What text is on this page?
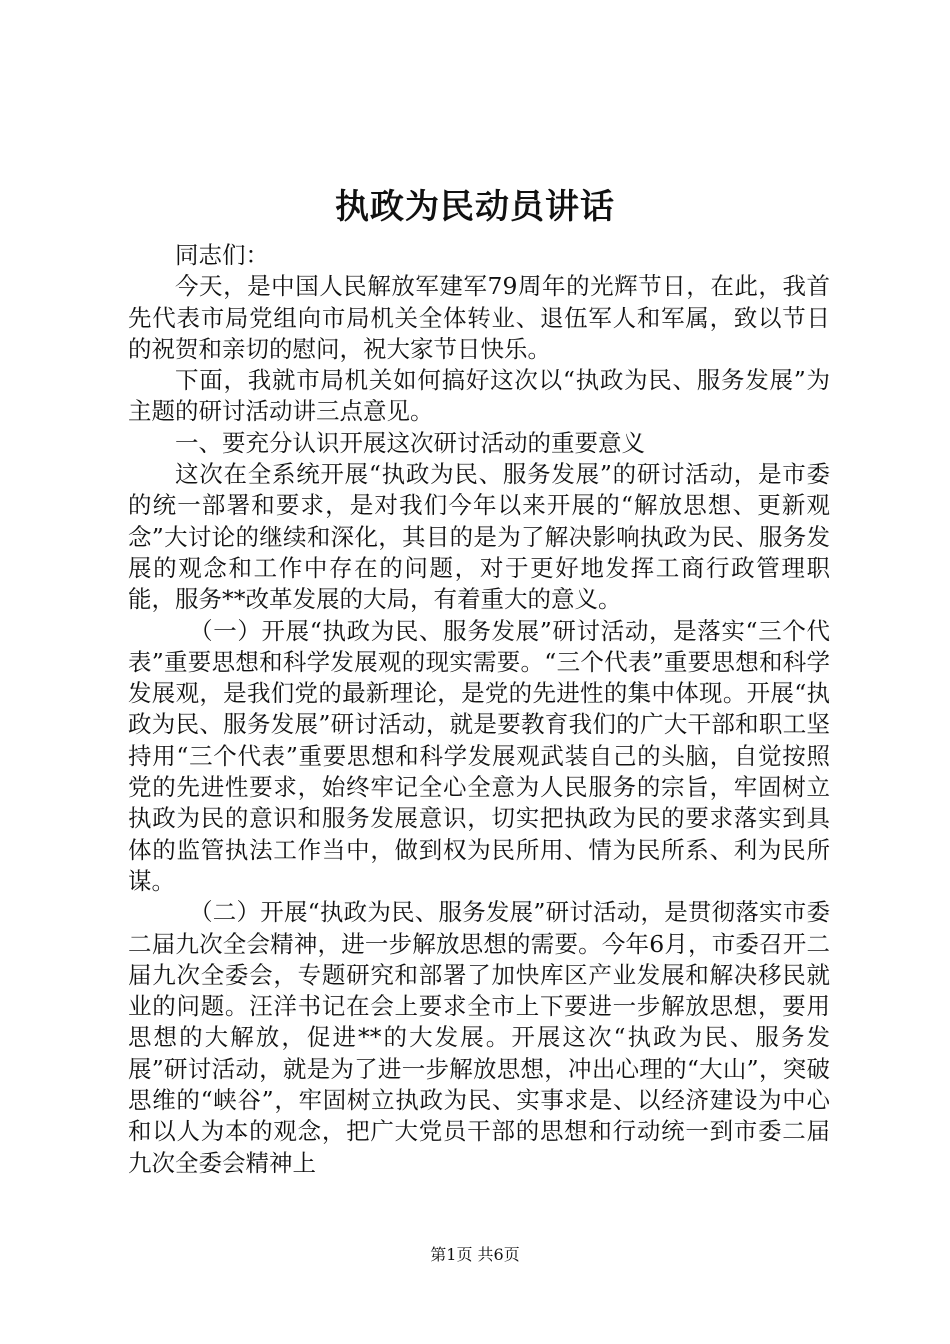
执政为民动员讲话

同志们：

今天，是中国人民解放军建军79周年的光辉节日，在此，我首先代表市局党组向市局机关全体转业、退伍军人和军属，致以节日的祝贺和亲切的慰问，祝大家节日快乐。

下面，我就市局机关如何搞好这次以“执政为民、服务发展”为主题的研讨活动讲三点意见。

一、要充分认识开展这次研讨活动的重要意义

这次在全系统开展“执政为民、服务发展”的研讨活动，是市委的统一部署和要求，是对我们今年以来开展的“解放思想、更新观念”大讨论的继续和深化，其目的是为了解决影响执政为民、服务发展的观念和工作中存在的问题，对于更好地发挥工商行政管理职能，服务**改革发展的大局，有着重大的意义。

（一）开展“执政为民、服务发展”研讨活动，是落实“三个代表”重要思想和科学发展观的现实需要。“三个代表”重要思想和科学发展观，是我们党的最新理论，是党的先进性的集中体现。开展“执政为民、服务发展”研讨活动，就是要教育我们的广大干部和职工坚持用“三个代表”重要思想和科学发展观武装自己的头脑，自觉按照党的先进性要求，始终牢记全心全意为人民服务的宗旨，牢固树立执政为民的意识和服务发展意识，切实把执政为民的要求落实到具体的监管执法工作当中，做到权为民所用、情为民所系、利为民所谋。

（二）开展“执政为民、服务发展”研讨活动，是贯彻落实市委二届九次全会精神，进一步解放思想的需要。今年6月，市委召开二届九次全委会，专题研究和部署了加快库区产业发展和解决移民就业的问题。汪洋书记在会上要求全市上下要进一步解放思想，要用思想的大解放，促进**的大发展。开展这次“执政为民、服务发展”研讨活动，就是为了进一步解放思想，冲出心理的“大山”，突破思维的“峡谷”，牢固树立执政为民、实事求是、以经济建设为中心和以人为本的观念，把广大党员干部的思想和行动统一到市委二届九次全委会精神上

第1页 共6页
